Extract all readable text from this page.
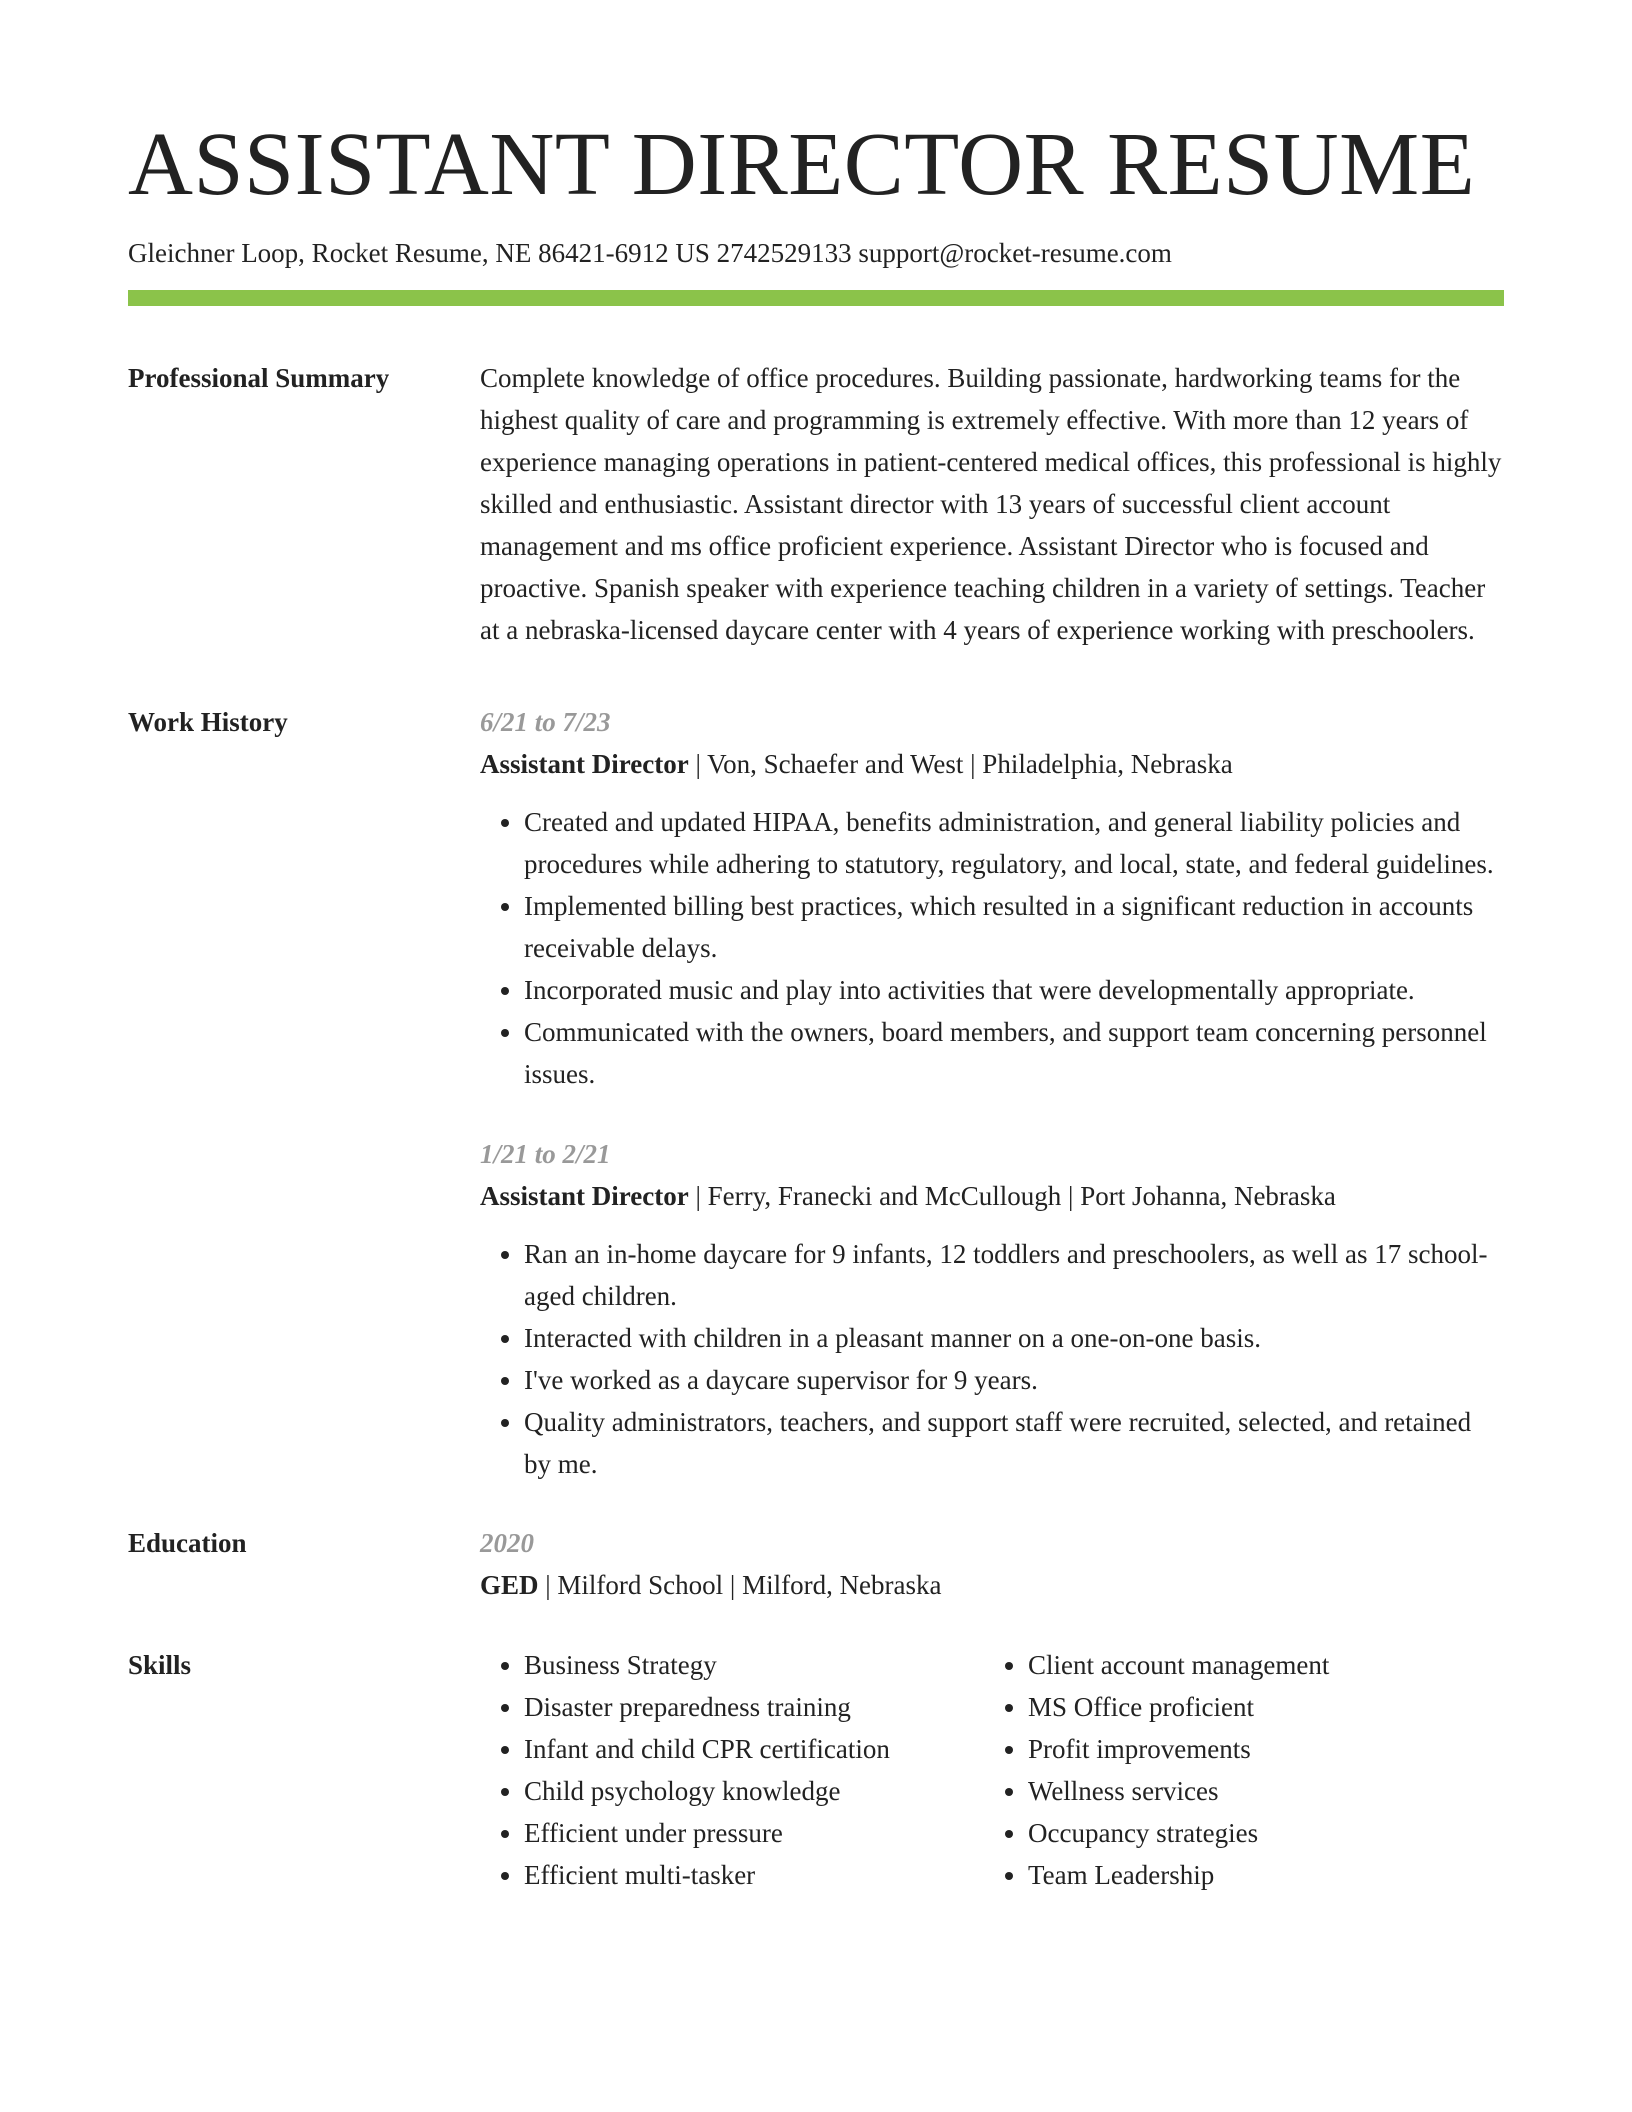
ASSISTANT DIRECTOR RESUME
Gleichner Loop, Rocket Resume, NE 86421-6912 US 2742529133 support@rocket-resume.com
Professional Summary	Complete knowledge of office procedures. Building passionate, hardworking teams for the highest quality of care and programming is extremely effective. With more than 12 years of experience managing operations in patient-centered medical offices, this professional is highly skilled and enthusiastic. Assistant director with 13 years of successful client account management and ms office proficient experience. Assistant Director who is focused and proactive. Spanish speaker with experience teaching children in a variety of settings. Teacher at a nebraska-licensed daycare center with 4 years of experience working with preschoolers.

Work History	6/21 to 7/23
Assistant Director | Von, Schaefer and West | Philadelphia, Nebraska
• Created and updated HIPAA, benefits administration, and general liability policies and procedures while adhering to statutory, regulatory, and local, state, and federal guidelines.
• Implemented billing best practices, which resulted in a significant reduction in accounts receivable delays.
• Incorporated music and play into activities that were developmentally appropriate.
• Communicated with the owners, board members, and support team concerning personnel issues.
1/21 to 2/21
Assistant Director | Ferry, Franecki and McCullough | Port Johanna, Nebraska
• Ran an in-home daycare for 9 infants, 12 toddlers and preschoolers, as well as 17 school-aged children.
• Interacted with children in a pleasant manner on a one-on-one basis.
• I've worked as a daycare supervisor for 9 years.
• Quality administrators, teachers, and support staff were recruited, selected, and retained by me.
Education	2020
GED | Milford School | Milford, Nebraska
Skills
•	Business Strategy
• Disaster preparedness training
• Infant and child CPR certification
• Child psychology knowledge
• Efficient under pressure
• Efficient multi-tasker
• Client account management
• MS Office proficient
• Profit improvements
• Wellness services
• Occupancy strategies
• Team Leadership
